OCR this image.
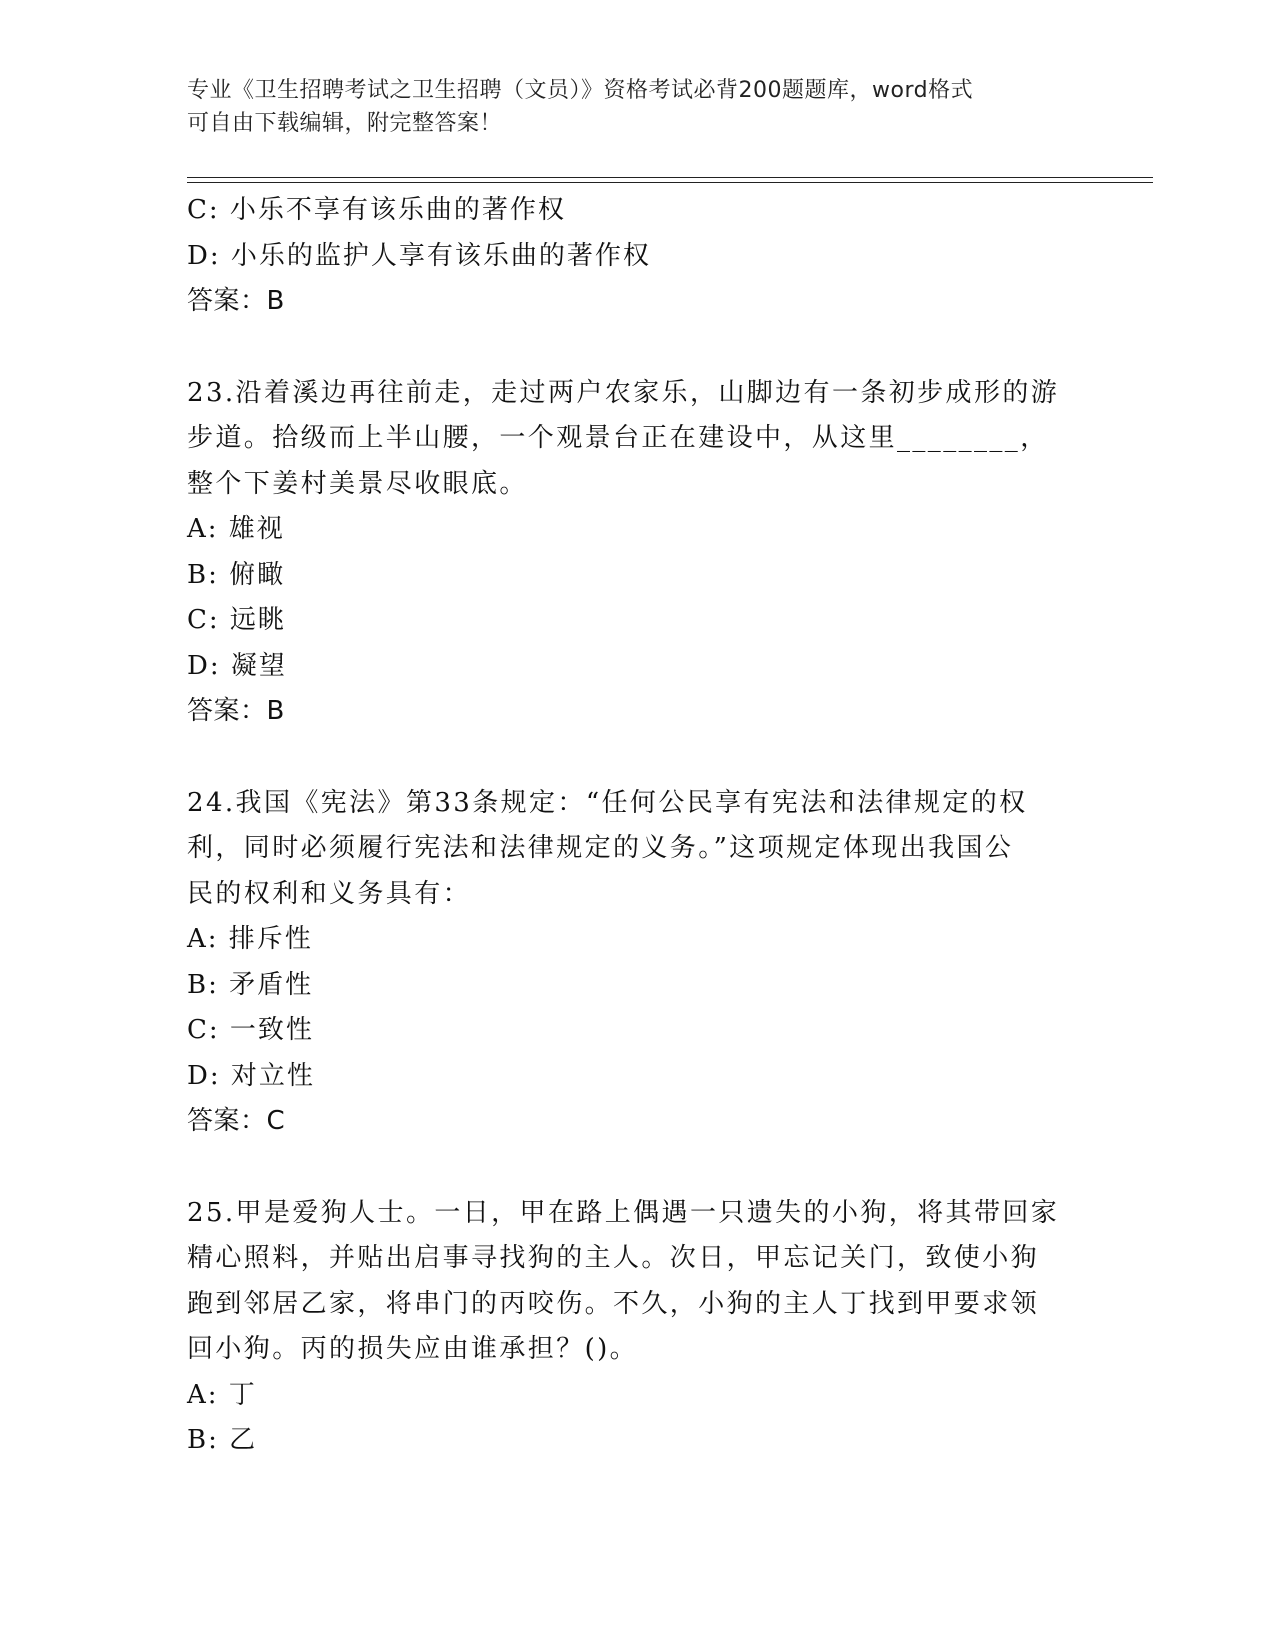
专业《卫生招聘考试之卫生招聘（文员）》资格考试必背200题题库，word格式
可自由下载编辑，附完整答案！
C: 小乐不享有该乐曲的著作权
D: 小乐的监护人享有该乐曲的著作权
答案：B
23.沿着溪边再往前走，走过两户农家乐，山脚边有一条初步成形的游
步道。拾级而上半山腰，一个观景台正在建设中，从这里________，
整个下姜村美景尽收眼底。
A: 雄视
B: 俯瞰
C: 远眺
D: 凝望
答案：B
24.我国《宪法》第33条规定：“任何公民享有宪法和法律规定的权
利，同时必须履行宪法和法律规定的义务。”这项规定体现出我国公
民的权利和义务具有：
A: 排斥性
B: 矛盾性
C: 一致性
D: 对立性
答案：C
25.甲是爱狗人士。一日，甲在路上偶遇一只遗失的小狗，将其带回家
精心照料，并贴出启事寻找狗的主人。次日，甲忘记关门，致使小狗
跑到邻居乙家，将串门的丙咬伤。不久，小狗的主人丁找到甲要求领
回小狗。丙的损失应由谁承担？()。
A: 丁
B: 乙
